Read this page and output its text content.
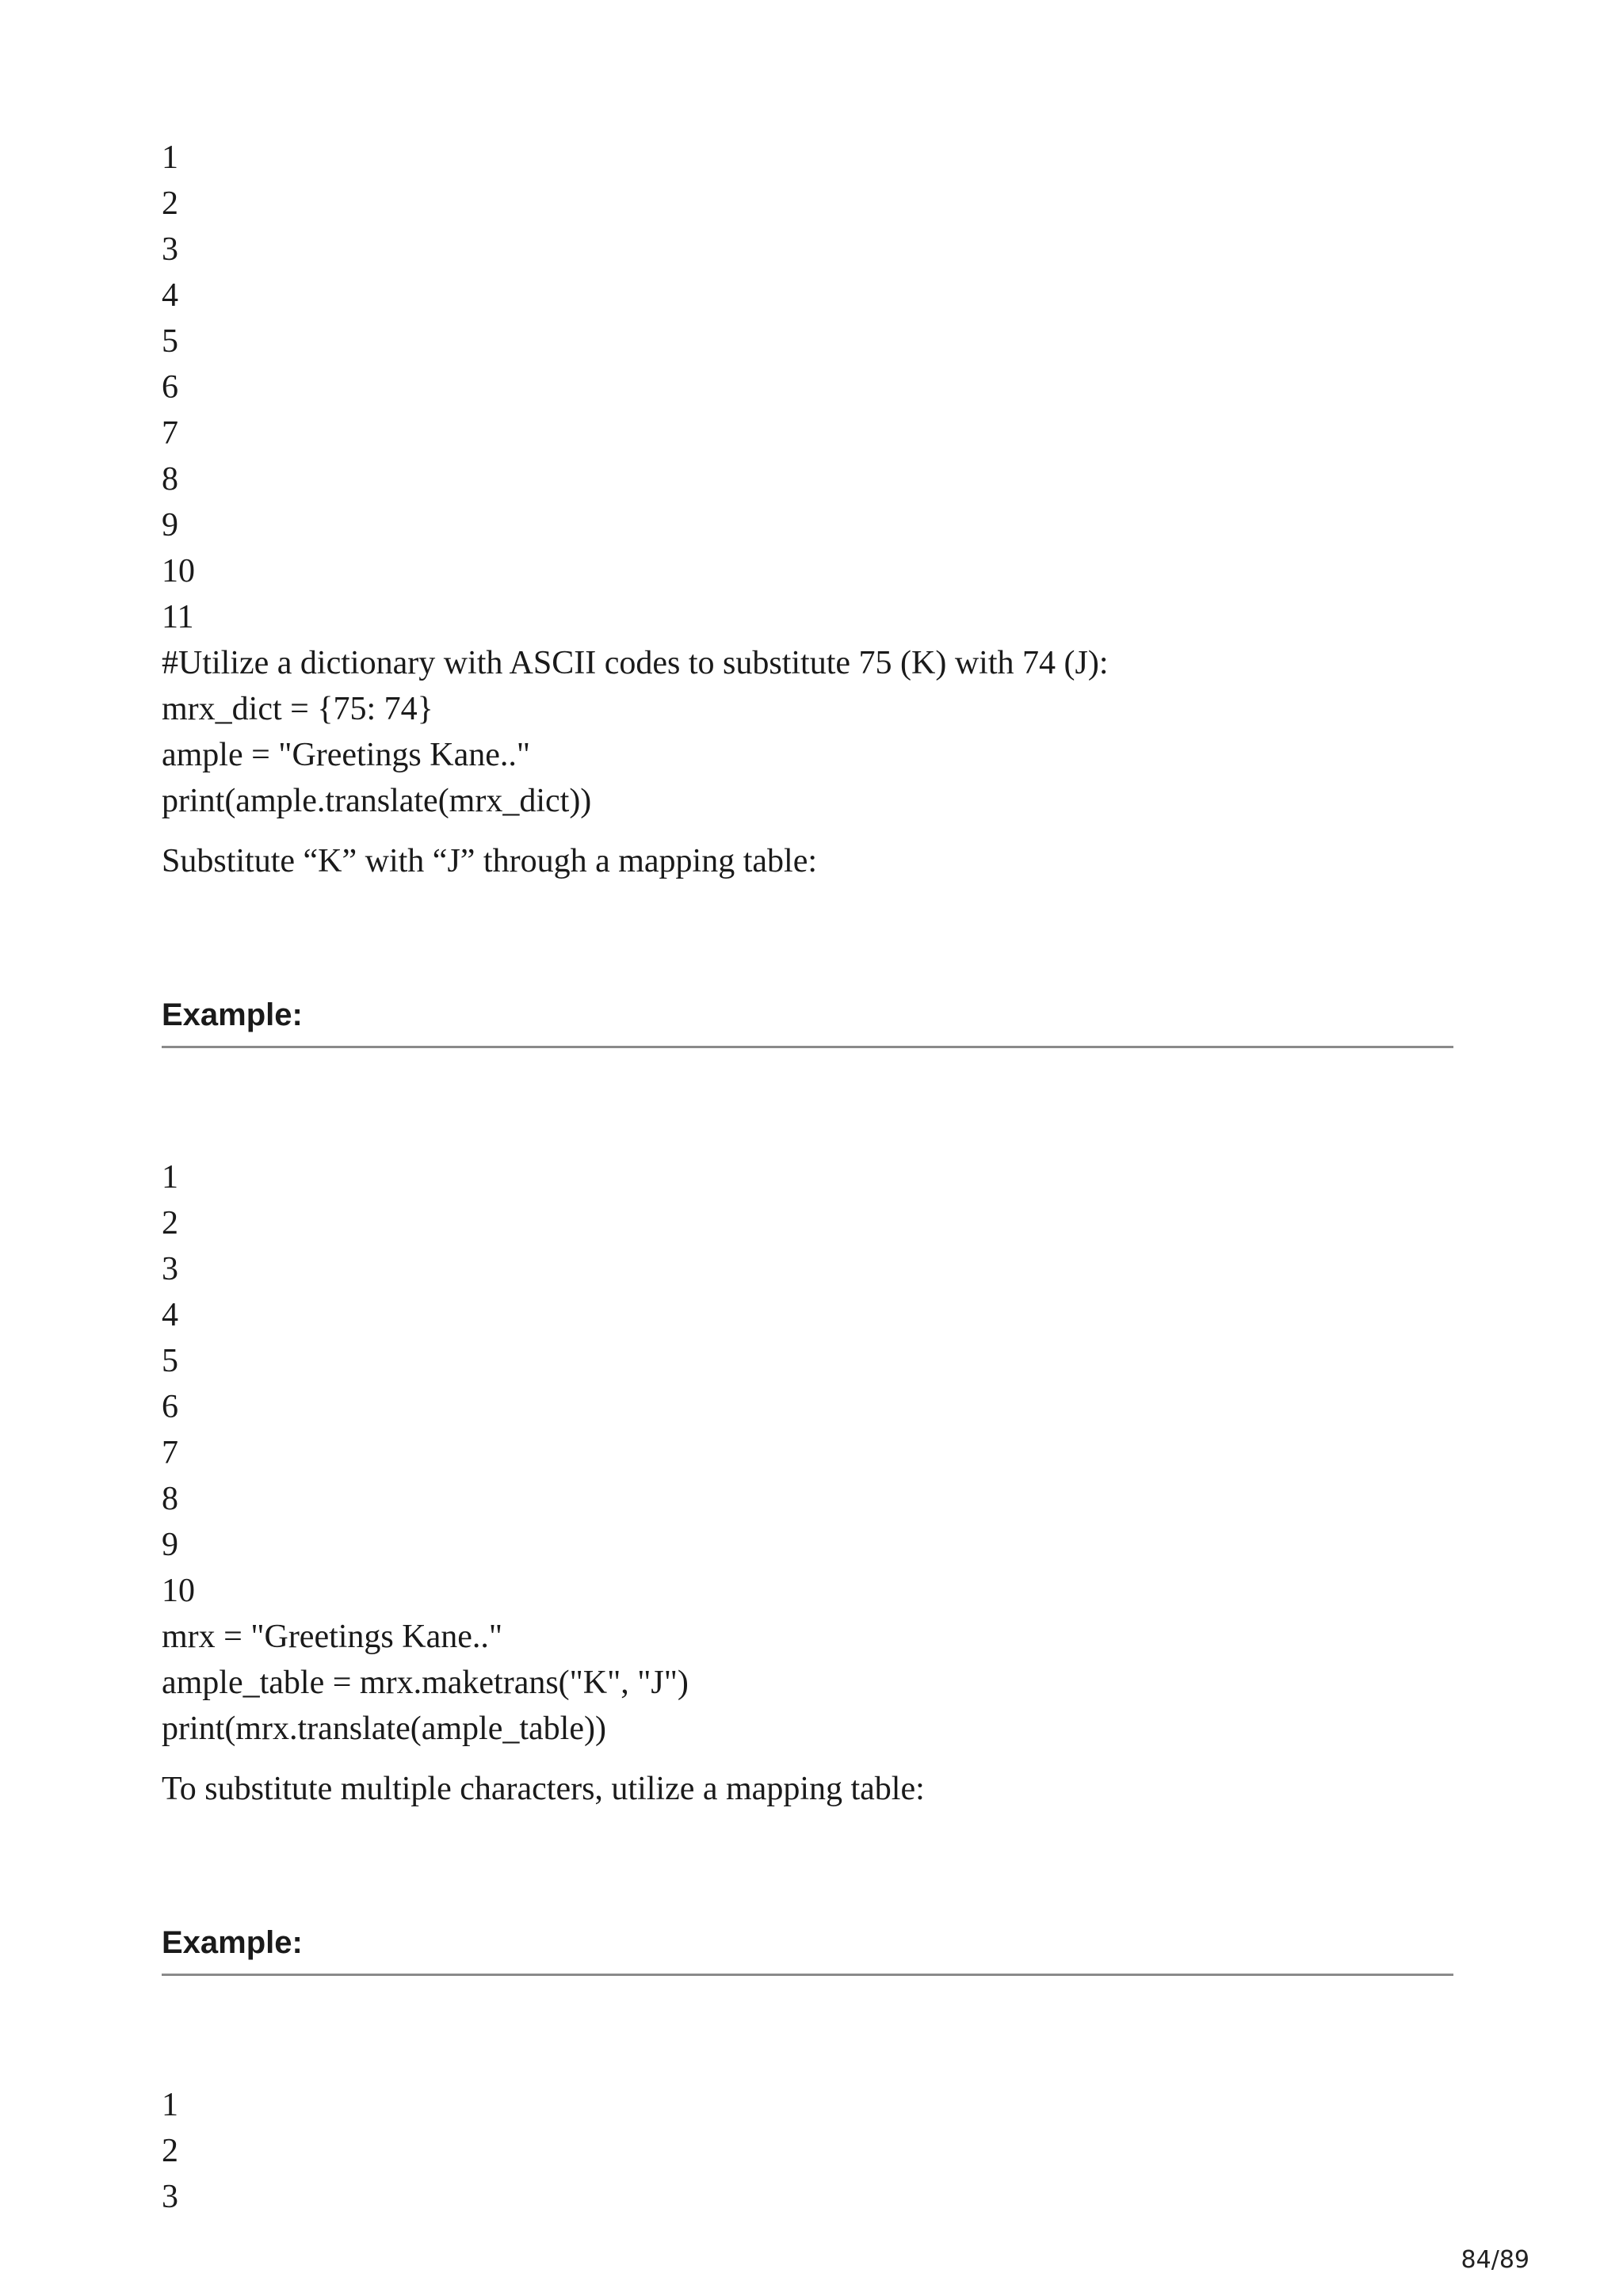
1
2
3
4
5
6
7
8
9
10
11
#Utilize a dictionary with ASCII codes to substitute 75 (K) with 74 (J):
mrx_dict = {75: 74}
ample = "Greetings Kane.."
print(ample.translate(mrx_dict))

Substitute “K” with “J” through a mapping table:

Example:
1
2
3
4
5
6
7
8
9
10
mrx = "Greetings Kane.."
ample_table = mrx.maketrans("K", "J")
print(mrx.translate(ample_table))

To substitute multiple characters, utilize a mapping table:

Example:
1
2
3
84/89
